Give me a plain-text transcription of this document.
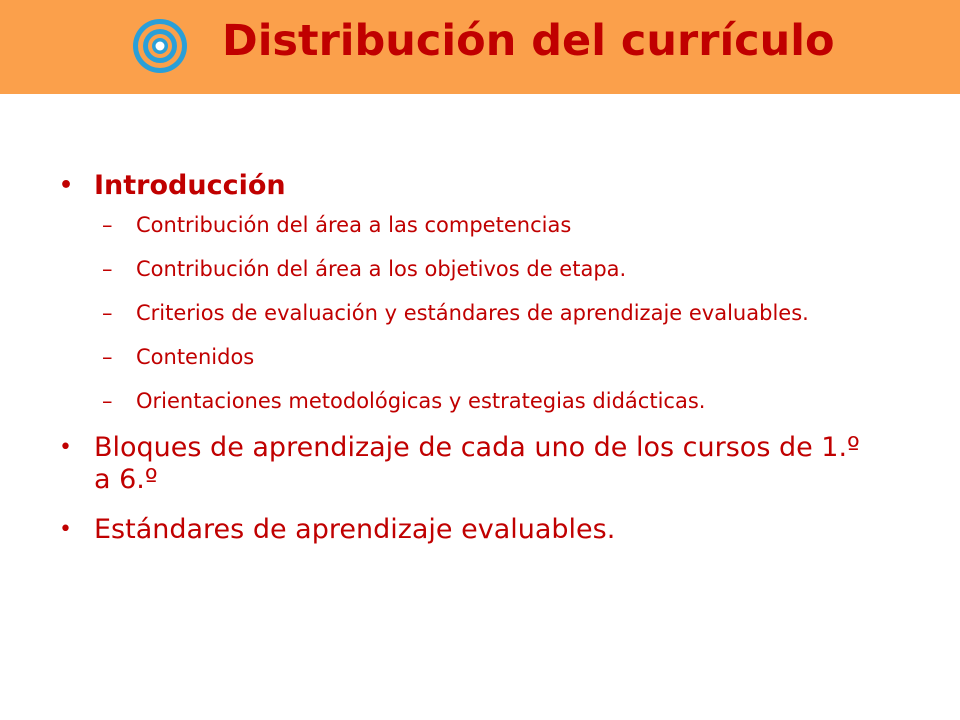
Distribución del currículo
• Introducción
– Contribución del área a las competencias
– Contribución del área a los objetivos de etapa.
– Criterios de evaluación y estándares de aprendizaje evaluables.
– Contenidos
– Orientaciones metodológicas y estrategias didácticas.
• Bloques de aprendizaje de cada uno de los cursos de 1.º a 6.º
• Estándares de aprendizaje evaluables.
